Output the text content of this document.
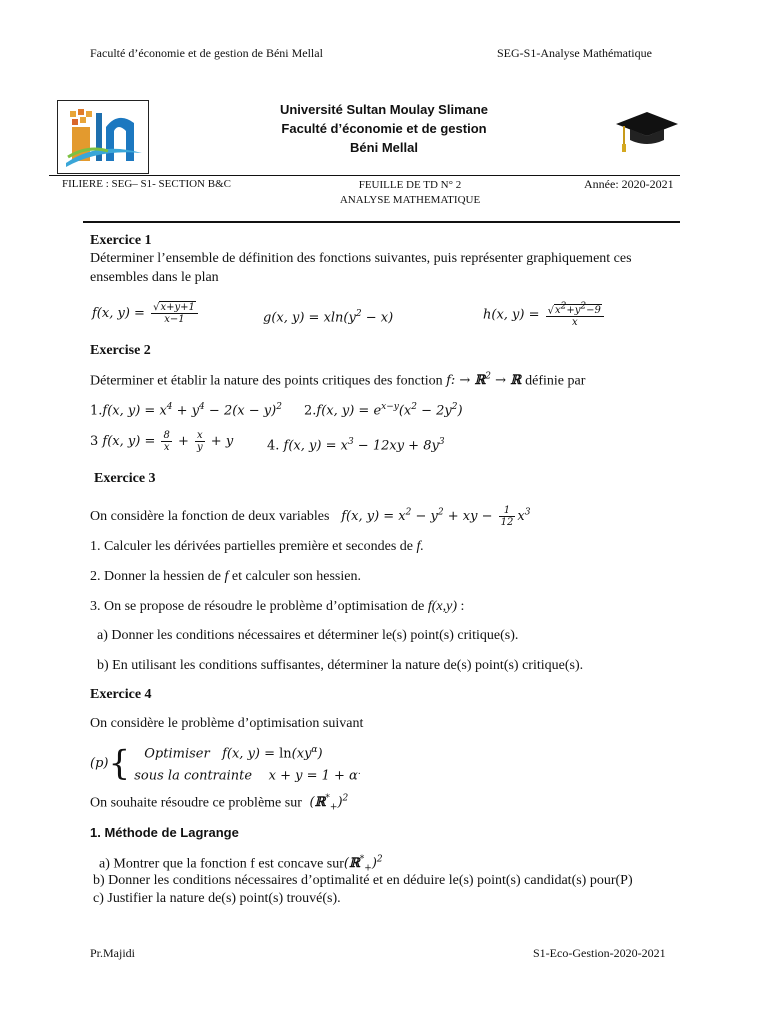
Faculté d’économie et de gestion de Béni Mellal	SEG-S1-Analyse Mathématique
Université Sultan Moulay Slimane
Faculté d’économie et de gestion
Béni Mellal
FILIERE : SEG– S1- SECTION B&C	FEUILLE DE TD N° 2
ANALYSE MATHEMATIQUE
Année: 2020-2021
Exercice 1
Déterminer l’ensemble de définition des fonctions suivantes, puis représenter graphiquement ces
ensembles dans le plan
f(x, $y) = \frac{√x+y+1}{x-1}$	g(x, $y) = xln(y^2 - x)$	h(x, $y) = \frac{√x^2+y^2-9}{x}$
Exercise 2
Déterminer et établir la nature des points critiques des fonction f: → ℝ$^2$ → ℝ définie par
1.f(x, $y) = x^4 + y^4 - 2(x - y)^2$ 2.f(x, $y) = e^{x-y}(x^2 - 2y^2)$
3 f(x, $y) = \frac{8}{x} + \frac{x}{y} + y$	4. f(x, $y) = x^3 - 12xy + 8y^3$
Exercice 3
On considère la fonction de deux variables   f(x, $y) = x^2 - y^2$ + xy − $\frac{1}{12} x^3$
1. Calculer les dérivées partielles première et secondes de f.
2. Donner la hessien de f et calculer son hessien.
3. On se propose de résoudre le problème d’optimisation de f(x,y) :
a) Donner les conditions nécessaires et déterminer le(s) point(s) critique(s).
b) En utilisant les conditions suffisantes, déterminer la nature de(s) point(s) critique(s).
Exercice 4
On considère le problème d’optimisation suivant
(p){	Optimiser   f(x, $y) = \ln(xy^\alpha)$
sous la contrainte    x + y = 1 + α.
On souhaite résoudre ce problème sur  (ℝ*$_+$)$^2$
1. Méthode de Lagrange
a) Montrer que la fonction f est concave sur(ℝ*$_+$)$^2$
b) Donner les conditions nécessaires d’optimalité et en déduire le(s) point(s) candidat(s) pour(P)
c) Justifier la nature de(s) point(s) trouvé(s).
Pr.Majidi	S1-Eco-Gestion-2020-2021
